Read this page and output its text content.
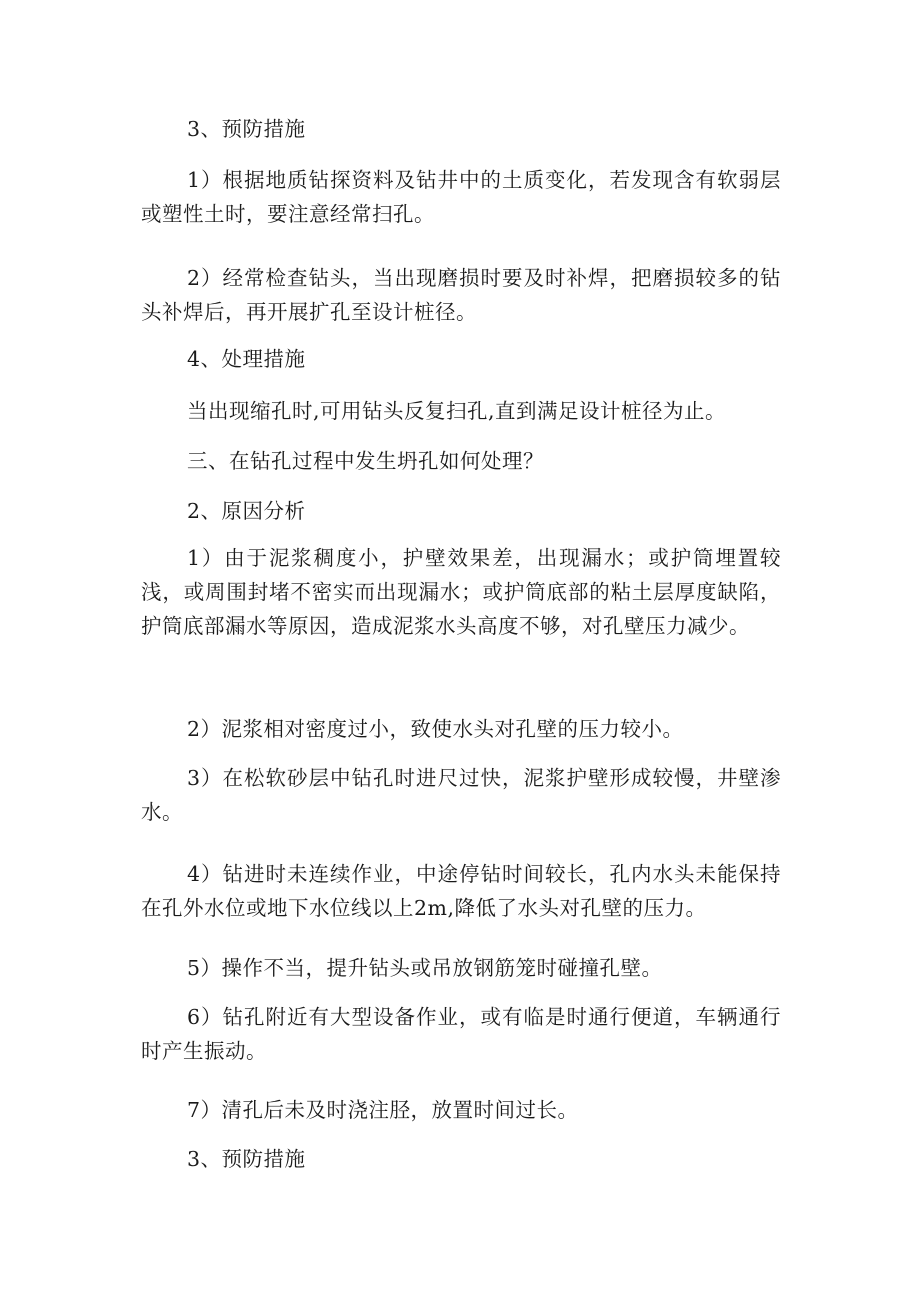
3、预防措施

1）根据地质钻探资料及钻井中的土质变化，若发现含有软弱层或塑性土时，要注意经常扫孔。

2）经常检查钻头，当出现磨损时要及时补焊，把磨损较多的钻头补焊后，再开展扩孔至设计桩径。

4、处理措施

当出现缩孔时,可用钻头反复扫孔,直到满足设计桩径为止。

三、在钻孔过程中发生坍孔如何处理？

2、原因分析

1）由于泥浆稠度小，护壁效果差，出现漏水；或护筒埋置较浅，或周围封堵不密实而出现漏水；或护筒底部的粘土层厚度缺陷，护筒底部漏水等原因，造成泥浆水头高度不够，对孔壁压力减少。

2）泥浆相对密度过小，致使水头对孔壁的压力较小。

3）在松软砂层中钻孔时进尺过快，泥浆护壁形成较慢，井壁渗水。

4）钻进时未连续作业，中途停钻时间较长，孔内水头未能保持在孔外水位或地下水位线以上2m,降低了水头对孔壁的压力。

5）操作不当，提升钻头或吊放钢筋笼时碰撞孔壁。

6）钻孔附近有大型设备作业，或有临是时通行便道，车辆通行时产生振动。

7）清孔后未及时浇注胫，放置时间过长。

3、预防措施
